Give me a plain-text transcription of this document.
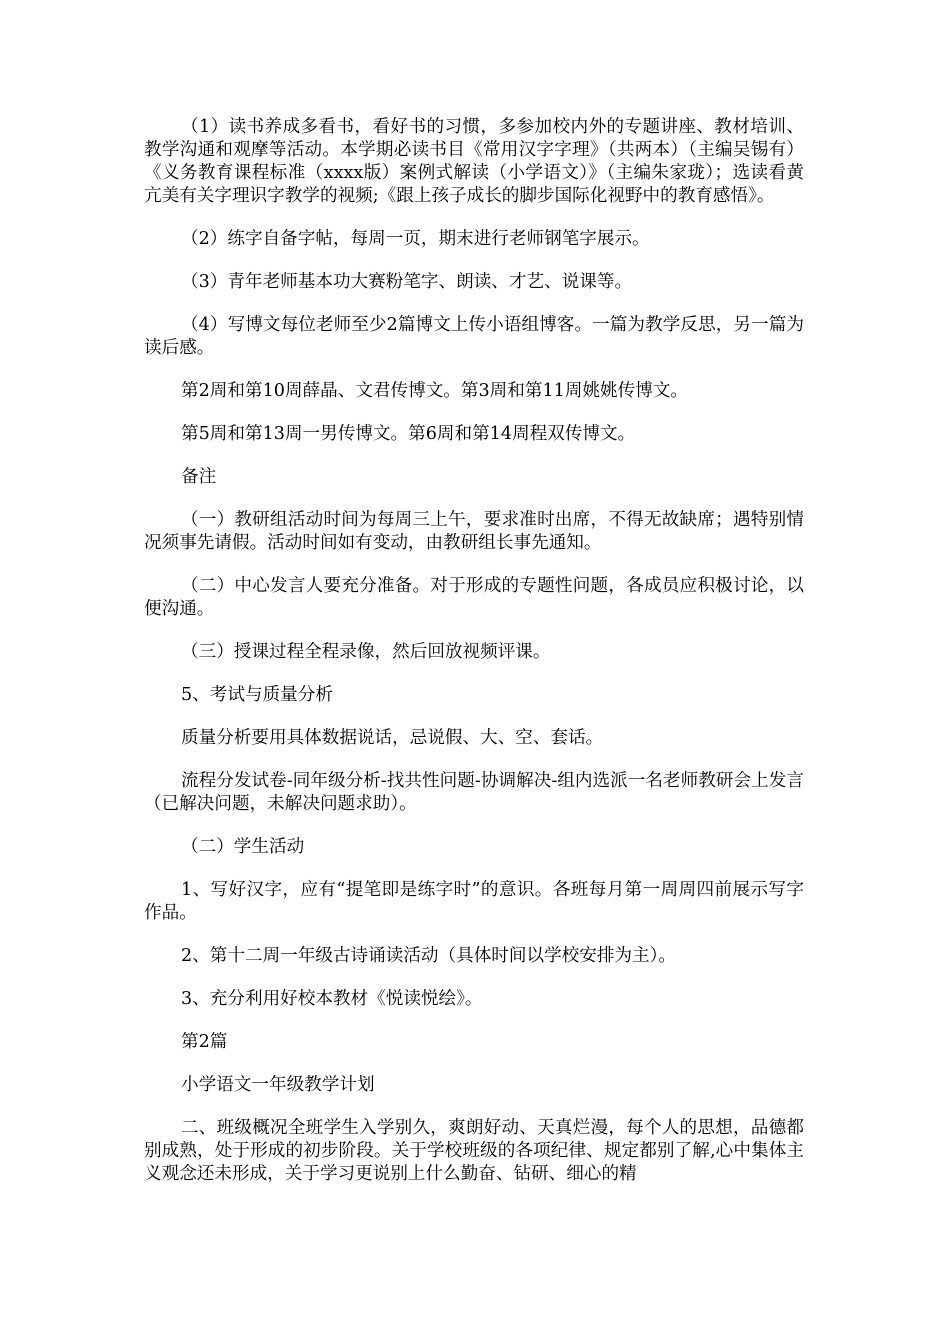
（1）读书养成多看书，看好书的习惯，多参加校内外的专题讲座、教材培训、教学沟通和观摩等活动。本学期必读书目《常用汉字字理》（共两本）（主编吴锡有）《义务教育课程标准（xxxx版）案例式解读（小学语文）》（主编朱家珑）；选读看黄亢美有关字理识字教学的视频;《跟上孩子成长的脚步国际化视野中的教育感悟》。

（2）练字自备字帖，每周一页，期末进行老师钢笔字展示。

（3）青年老师基本功大赛粉笔字、朗读、才艺、说课等。

（4）写博文每位老师至少2篇博文上传小语组博客。一篇为教学反思，另一篇为读后感。

第2周和第10周薛晶、文君传博文。第3周和第11周姚姚传博文。

第5周和第13周一男传博文。第6周和第14周程双传博文。

备注

（一）教研组活动时间为每周三上午，要求准时出席，不得无故缺席；遇特别情况须事先请假。活动时间如有变动，由教研组长事先通知。

（二）中心发言人要充分准备。对于形成的专题性问题，各成员应积极讨论，以便沟通。

（三）授课过程全程录像，然后回放视频评课。

5、考试与质量分析

质量分析要用具体数据说话，忌说假、大、空、套话。

流程分发试卷-同年级分析-找共性问题-协调解决-组内选派一名老师教研会上发言（已解决问题，未解决问题求助）。

（二）学生活动

1、写好汉字，应有“提笔即是练字时”的意识。各班每月第一周周四前展示写字作品。

2、第十二周一年级古诗诵读活动（具体时间以学校安排为主）。

3、充分利用好校本教材《悦读悦绘》。

第2篇

小学语文一年级教学计划

二、班级概况全班学生入学别久，爽朗好动、天真烂漫，每个人的思想，品德都别成熟，处于形成的初步阶段。关于学校班级的各项纪律、规定都别了解,心中集体主义观念还未形成，关于学习更说别上什么勤奋、钻研、细心的精
